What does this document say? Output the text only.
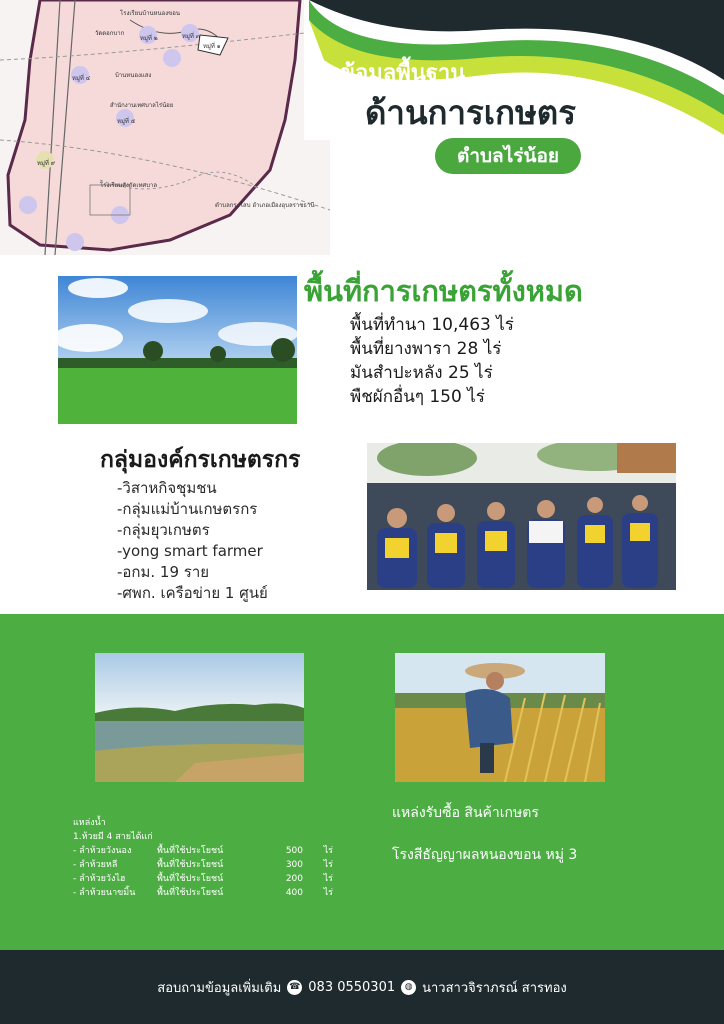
โรงเรียนบ้านหนองขอน
วัดดอกบาก
บ้านหนองแสง
สำนักงานเทศบาลไร่น้อย
โรงเรียนสังกัดเทศบาล
ตำบลกระโสบ อำเภอเมืองอุบลราชธานี
หมู่ที่ ๑
หมู่ที่ ๒	หมู่ที่ ๓
หมู่ที่ ๔
หมู่ที่ ๕
หมู่ที่ ๙
ข้อมูลพื้นฐาน
ด้านการเกษตร
ตำบลไร่น้อย
พื้นที่การเกษตรทั้งหมด
พื้นที่ทำนา 10,463 ไร่
พื้นที่ยางพารา 28 ไร่
มันสำปะหลัง 25 ไร่
พืชผักอื่นๆ 150 ไร่
กลุ่มองค์กรเกษตรกร
-วิสาหกิจชุมชน
-กลุ่มแม่บ้านเกษตรกร
-กลุ่มยุวเกษตร
-yong smart farmer
-อกม. 19 ราย
-ศพก. เครือข่าย 1 ศูนย์
แหล่งน้ำ
1.ห้วยมี 4 สายได้แก่
- ลำห้วยวังนอง	พื้นที่ใช้ประโยชน์	500	ไร่
- ลำห้วยหลี	พื้นที่ใช้ประโยชน์	300	ไร่
- ลำห้วยวังไฮ	พื้นที่ใช้ประโยชน์	200	ไร่
- ลำห้วยนาขมิ้น	พื้นที่ใช้ประโยชน์	400	ไร่
แหล่งรับซื้อ สินค้าเกษตร
โรงสีธัญญาผลหนองขอน หมู่ 3
สอบถามข้อมูลเพิ่มเติม ☎ 083 0550301	◍ นาวสาวจิราภรณ์ สารทอง
